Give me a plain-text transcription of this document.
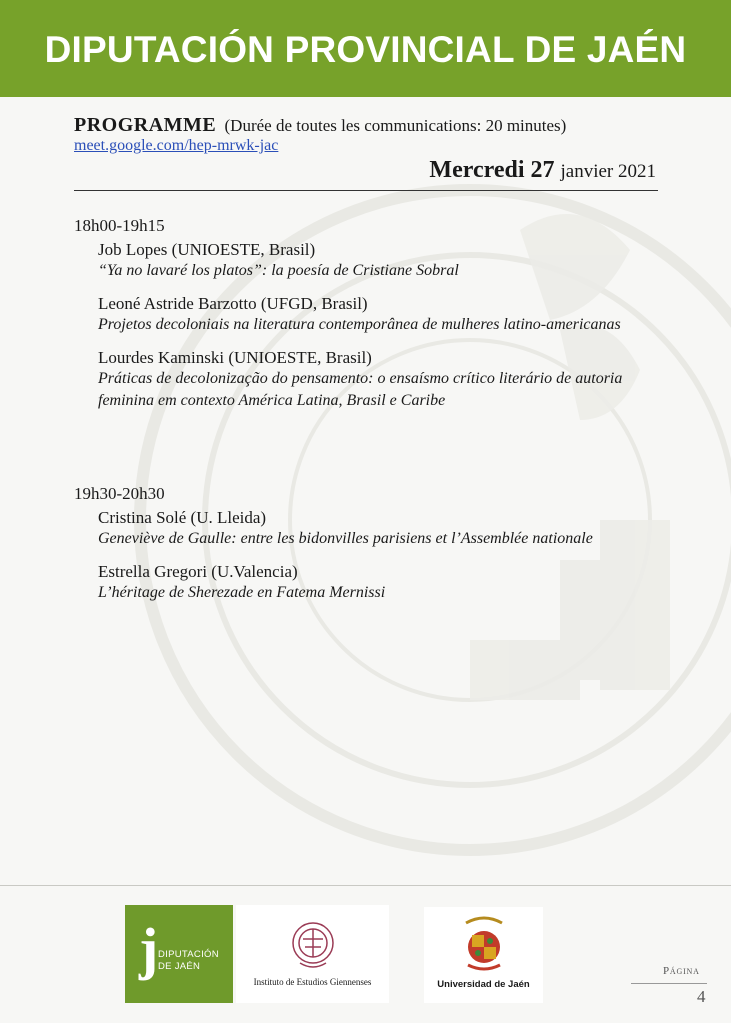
DIPUTACIÓN PROVINCIAL DE JAÉN
PROGRAMME (Durée de toutes les communications: 20 minutes)
meet.google.com/hep-mrwk-jac
Mercredi 27 janvier 2021
18h00-19h15
Job Lopes (UNIOESTE, Brasil)
“Ya no lavaré los platos”: la poesía de Cristiane Sobral
Leoné Astride Barzotto (UFGD, Brasil)
Projetos decoloniais na literatura contemporânea de mulheres latino-americanas
Lourdes Kaminski (UNIOESTE, Brasil)
Práticas de decolonização do pensamento: o ensaísmo crítico literário de autoria feminina em contexto América Latina, Brasil e Caribe
19h30-20h30
Cristina Solé (U. Lleida)
Geneviève de Gaulle: entre les bidonvilles parisiens et l’Assemblée nationale
Estrella Gregori (U.Valencia)
L’héritage de Sherezade en Fatema Mernissi
j DIPUTACIÓN
DE JAÉN
Instituto de Estudios Giennenses	Universidad de Jaén
Página
4
